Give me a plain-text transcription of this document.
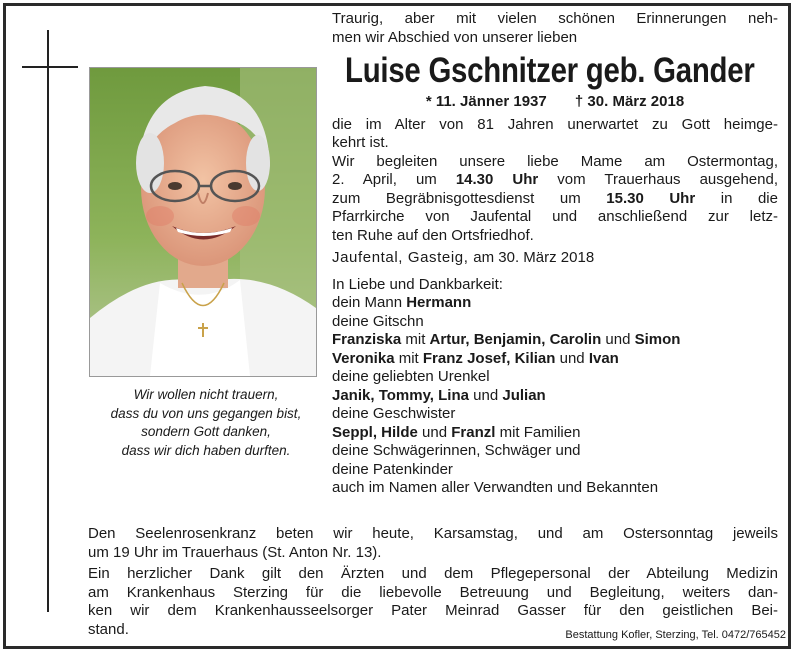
Wir wollen nicht trauern,
dass du von uns gegangen bist,
sondern Gott danken,
dass wir dich haben durften.
Traurig, aber mit vielen schönen Erinnerungen neh-
men wir Abschied von unserer lieben
Luise Gschnitzer geb. Gander
* 11. Jänner 1937 † 30. März 2018
die im Alter von 81 Jahren unerwartet zu Gott heimge-
kehrt ist.
Wir begleiten unsere liebe Mame am Ostermontag,
2. April, um 14.30 Uhr vom Trauerhaus ausgehend,
zum Begräbnisgottesdienst um 15.30 Uhr in die
Pfarrkirche von Jaufental und anschließend zur letz-
ten Ruhe auf den Ortsfriedhof.
Jaufental, Gasteig, am 30. März 2018
In Liebe und Dankbarkeit:
dein Mann Hermann
deine Gitschn
Franziska mit Artur, Benjamin, Carolin und Simon
Veronika mit Franz Josef, Kilian und Ivan
deine geliebten Urenkel
Janik, Tommy, Lina und Julian
deine Geschwister
Seppl, Hilde und Franzl mit Familien
deine Schwägerinnen, Schwäger und
deine Patenkinder
auch im Namen aller Verwandten und Bekannten
Den Seelenrosenkranz beten wir heute, Karsamstag, und am Ostersonntag jeweils
um 19 Uhr im Trauerhaus (St. Anton Nr. 13).
Ein herzlicher Dank gilt den Ärzten und dem Pflegepersonal der Abteilung Medizin
am Krankenhaus Sterzing für die liebevolle Betreuung und Begleitung, weiters dan-
ken wir dem Krankenhausseelsorger Pater Meinrad Gasser für den geistlichen Bei-
stand.	Bestattung Kofler, Sterzing, Tel. 0472/765452
